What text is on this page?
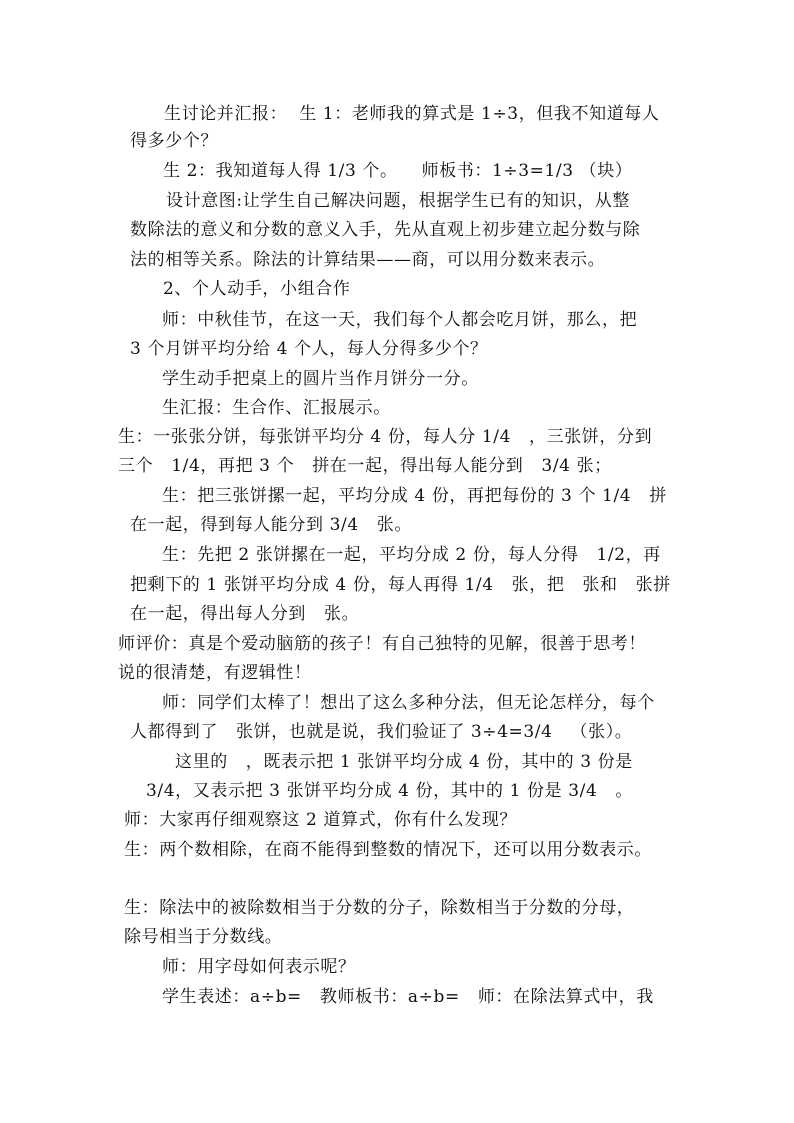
生讨论并汇报：  生 1：老师我的算式是 1÷3，但我不知道每人
得多少个？
生 2：我知道每人得 1/3 个。    师板书：1÷3=1/3 （块）
设计意图:让学生自己解决问题，根据学生已有的知识，从整
数除法的意义和分数的意义入手，先从直观上初步建立起分数与除
法的相等关系。除法的计算结果——商，可以用分数来表示。
2、个人动手，小组合作
师：中秋佳节，在这一天，我们每个人都会吃月饼，那么，把
3 个月饼平均分给 4 个人，每人分得多少个？
学生动手把桌上的圆片当作月饼分一分。
生汇报：生合作、汇报展示。
生：一张张分饼，每张饼平均分 4 份，每人分 1/4   ，三张饼，分到
三个   1/4，再把 3 个   拼在一起，得出每人能分到   3/4 张；
生：把三张饼摞一起，平均分成 4 份，再把每份的 3 个 1/4   拼
在一起，得到每人能分到 3/4   张。
生：先把 2 张饼摞在一起，平均分成 2 份，每人分得   1/2，再
把剩下的 1 张饼平均分成 4 份，每人再得 1/4   张，把   张和   张拼
在一起，得出每人分到   张。
师评价：真是个爱动脑筋的孩子！有自己独特的见解，很善于思考！
说的很清楚，有逻辑性！
师：同学们太棒了！想出了这么多种分法，但无论怎样分，每个
人都得到了   张饼，也就是说，我们验证了 3÷4=3/4   （张）。
这里的   ，既表示把 1 张饼平均分成 4 份，其中的 3 份是
3/4，又表示把 3 张饼平均分成 4 份，其中的 1 份是 3/4   。
师：大家再仔细观察这 2 道算式，你有什么发现？
生：两个数相除，在商不能得到整数的情况下，还可以用分数表示。
生：除法中的被除数相当于分数的分子，除数相当于分数的分母，
除号相当于分数线。
师：用字母如何表示呢？
学生表述：a÷b=   教师板书：a÷b=   师：在除法算式中，我
